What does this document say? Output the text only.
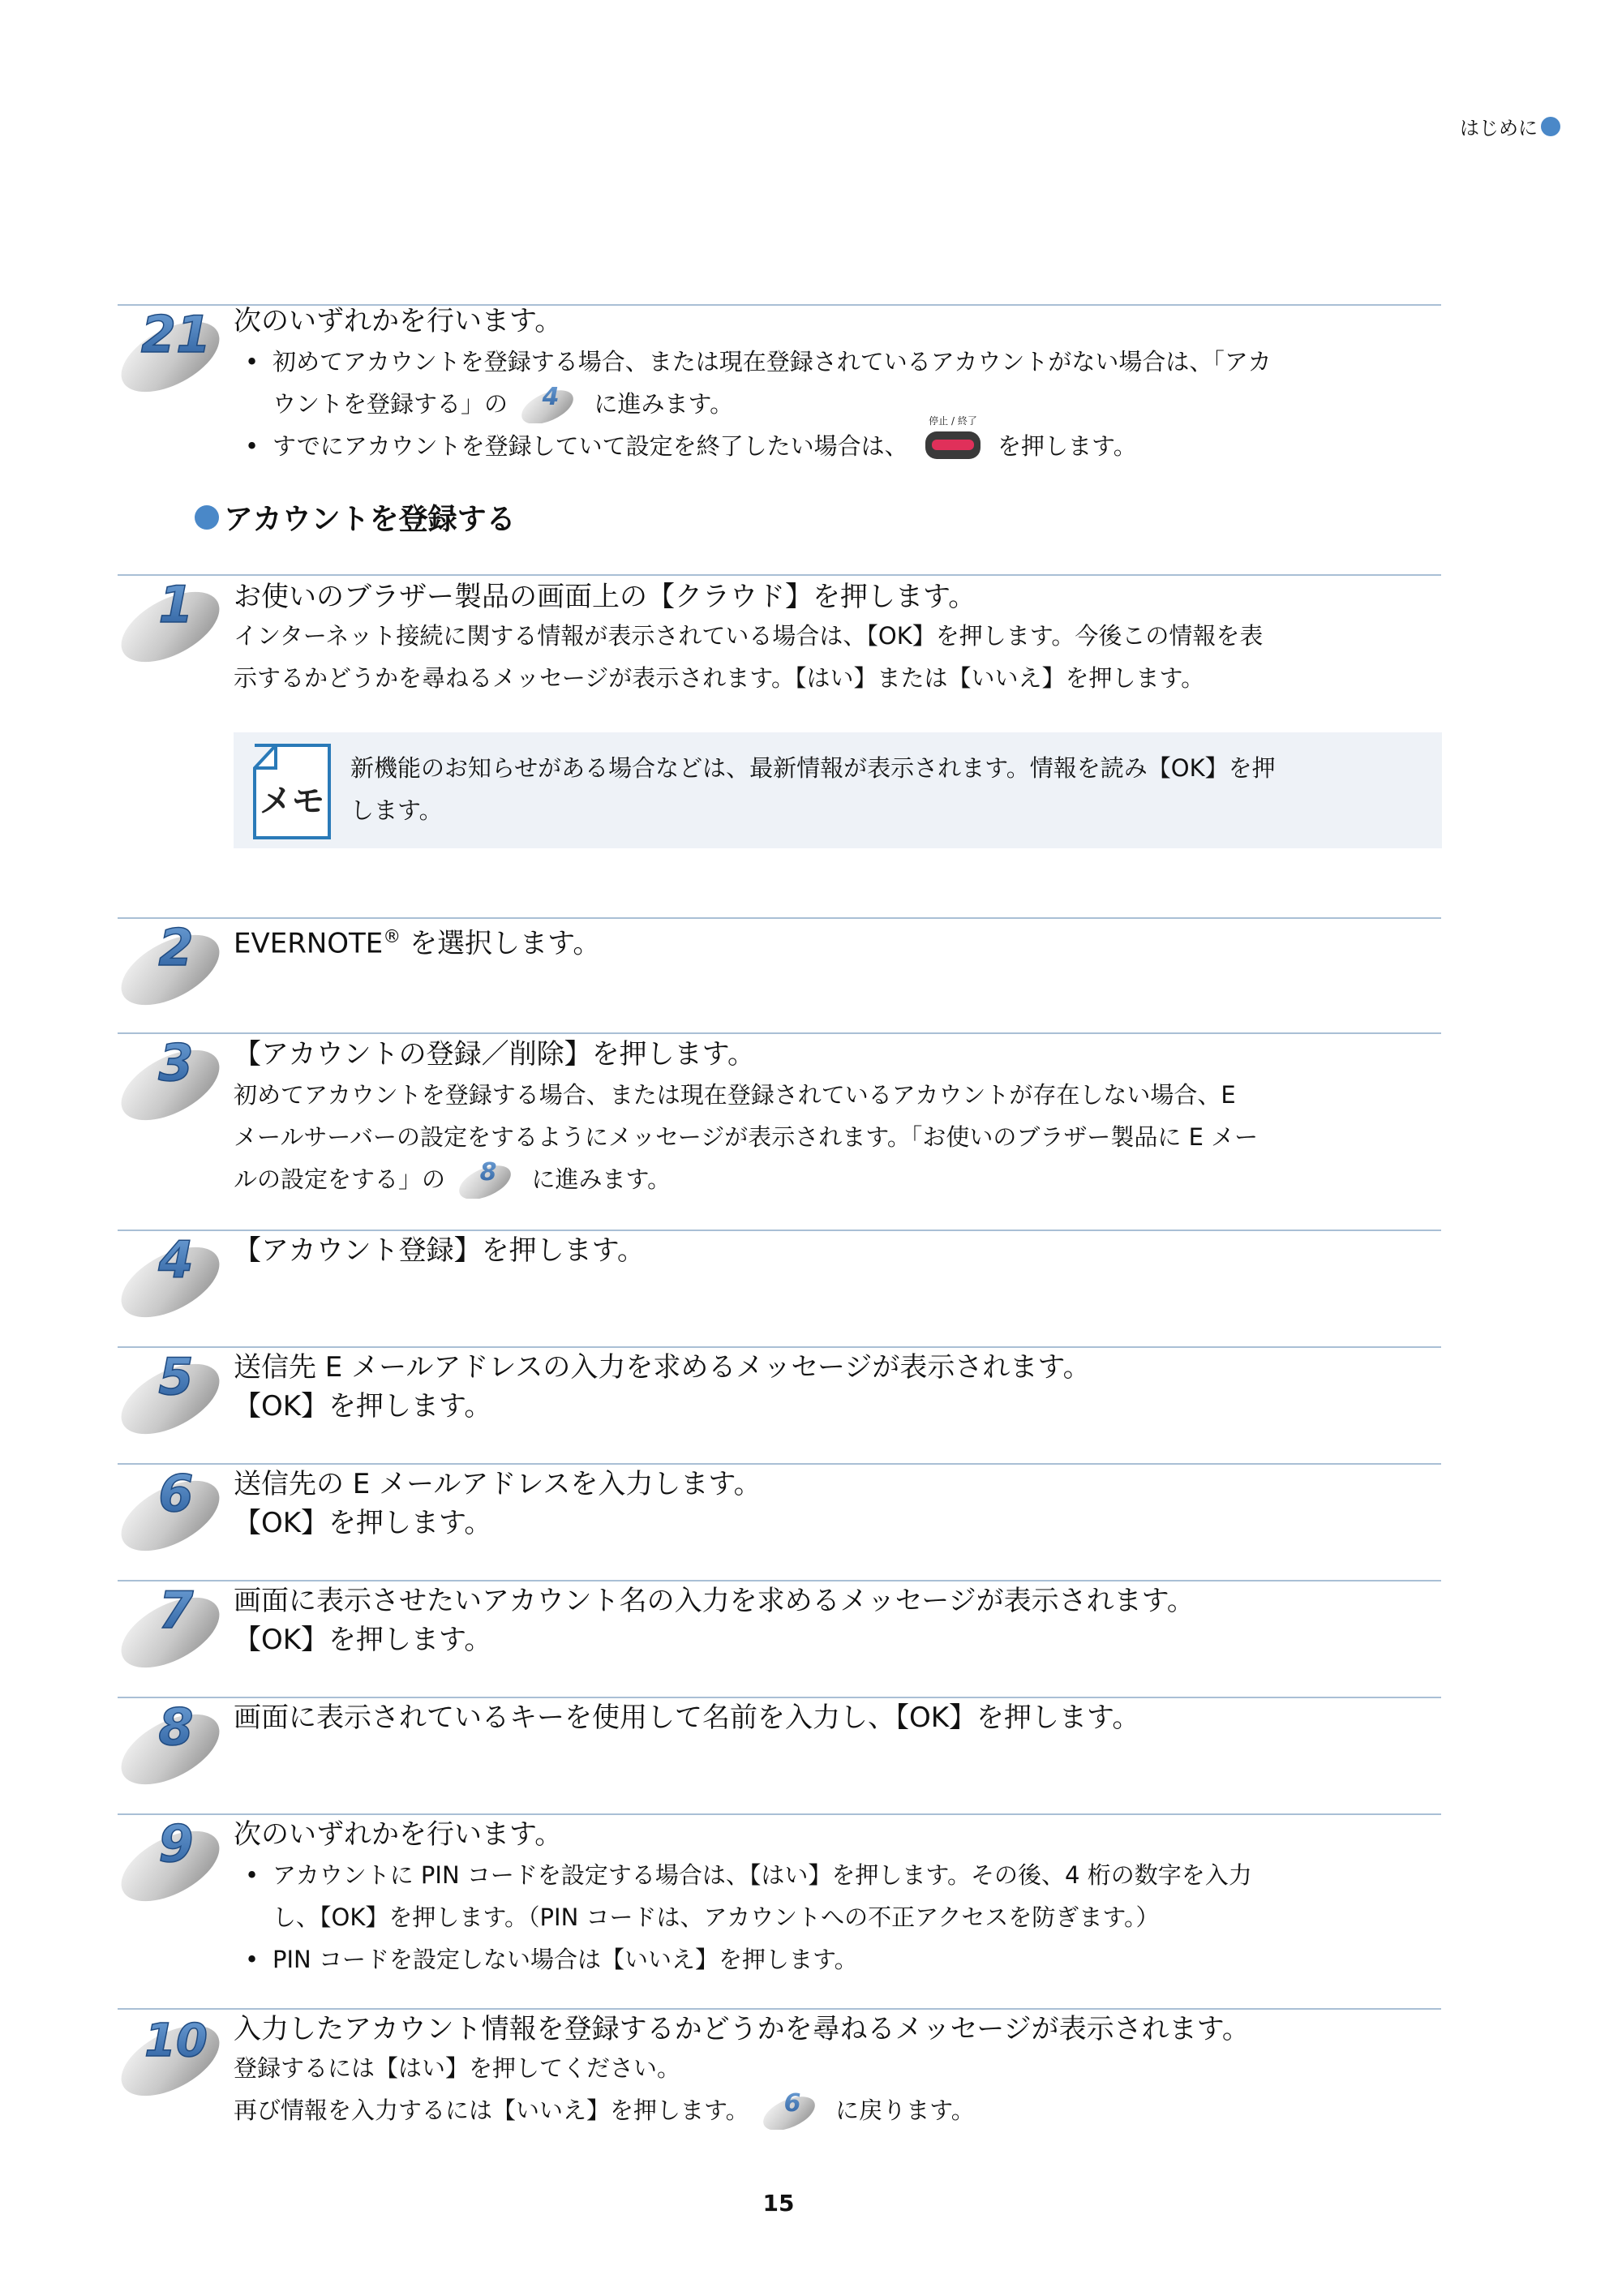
はじめに
21 次のいずれかを行います。
• 初めてアカウントを登録する場合、または現在登録されているアカウントがない場合は、「アカ
ウントを登録する」の 4 に進みます。
• すでにアカウントを登録していて設定を終了したい場合は、
停止 / 終了
を押します。
アカウントを登録する
1 お使いのブラザー製品の画面上の【クラウド】を押します。
インターネット接続に関する情報が表示されている場合は、【OK】を押します。今後この情報を表
示するかどうかを尋ねるメッセージが表示されます。【はい】または【いいえ】を押します。
メモ
新機能のお知らせがある場合などは、最新情報が表示されます。情報を読み【OK】を押
します。
2 EVERNOTE® を選択します。
3 【アカウントの登録／削除】を押します。
初めてアカウントを登録する場合、または現在登録されているアカウントが存在しない場合、E
メールサーバーの設定をするようにメッセージが表示されます。「お使いのブラザー製品に E メー
ルの設定をする」の 8 に進みます。
4 【アカウント登録】を押します。
5 送信先 E メールアドレスの入力を求めるメッセージが表示されます。
【OK】を押します。
6 送信先の E メールアドレスを入力します。
【OK】を押します。
7 画面に表示させたいアカウント名の入力を求めるメッセージが表示されます。
【OK】を押します。
8 画面に表示されているキーを使用して名前を入力し、【OK】を押します。
9 次のいずれかを行います。
• アカウントに PIN コードを設定する場合は、【はい】を押します。その後、4 桁の数字を入力
し、【OK】を押します。（PIN コードは、アカウントへの不正アクセスを防ぎます。）
• PIN コードを設定しない場合は【いいえ】を押します。
10 入力したアカウント情報を登録するかどうかを尋ねるメッセージが表示されます。
登録するには【はい】を押してください。
再び情報を入力するには【いいえ】を押します。 6 に戻ります。
15
